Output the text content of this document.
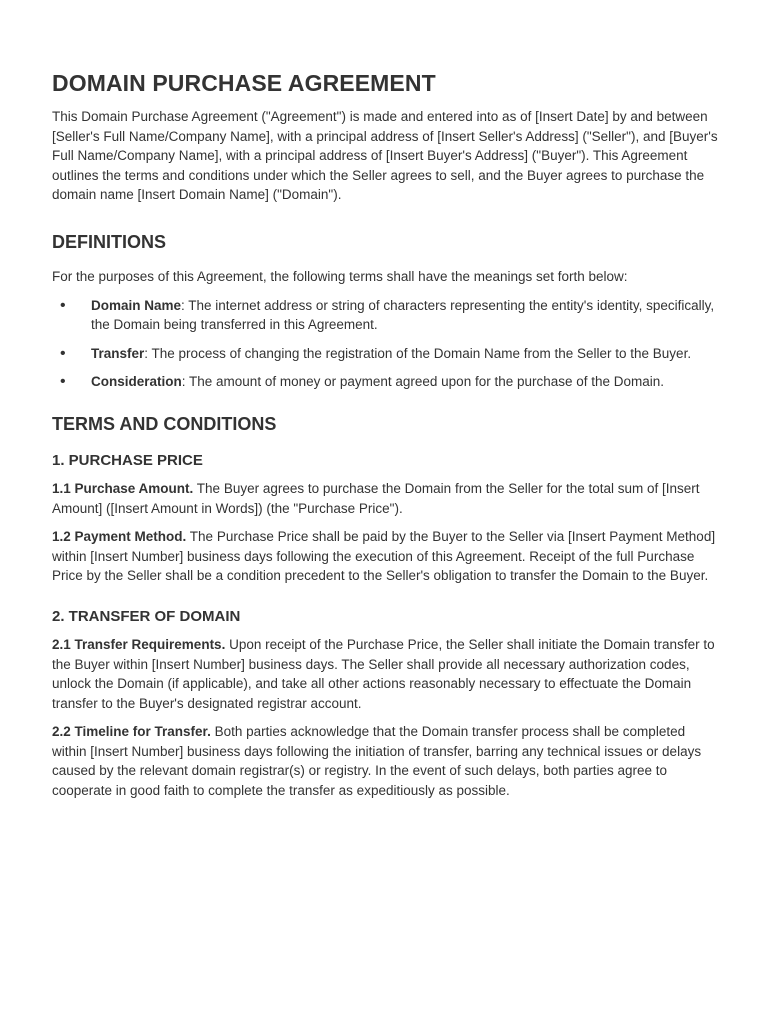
DOMAIN PURCHASE AGREEMENT

This Domain Purchase Agreement ("Agreement") is made and entered into as of [Insert Date] by and between [Seller's Full Name/Company Name], with a principal address of [Insert Seller's Address] ("Seller"), and [Buyer's Full Name/Company Name], with a principal address of [Insert Buyer's Address] ("Buyer"). This Agreement outlines the terms and conditions under which the Seller agrees to sell, and the Buyer agrees to purchase the domain name [Insert Domain Name] ("Domain").

DEFINITIONS

For the purposes of this Agreement, the following terms shall have the meanings set forth below:

• Domain Name: The internet address or string of characters representing the entity's identity, specifically, the Domain being transferred in this Agreement.
• Transfer: The process of changing the registration of the Domain Name from the Seller to the Buyer.
• Consideration: The amount of money or payment agreed upon for the purchase of the Domain.
TERMS AND CONDITIONS
1. PURCHASE PRICE

1.1 Purchase Amount. The Buyer agrees to purchase the Domain from the Seller for the total sum of [Insert Amount] ([Insert Amount in Words]) (the "Purchase Price").

1.2 Payment Method. The Purchase Price shall be paid by the Buyer to the Seller via [Insert Payment Method] within [Insert Number] business days following the execution of this Agreement. Receipt of the full Purchase Price by the Seller shall be a condition precedent to the Seller's obligation to transfer the Domain to the Buyer.

2. TRANSFER OF DOMAIN

2.1 Transfer Requirements. Upon receipt of the Purchase Price, the Seller shall initiate the Domain transfer to the Buyer within [Insert Number] business days. The Seller shall provide all necessary authorization codes, unlock the Domain (if applicable), and take all other actions reasonably necessary to effectuate the Domain transfer to the Buyer's designated registrar account.

2.2 Timeline for Transfer. Both parties acknowledge that the Domain transfer process shall be completed within [Insert Number] business days following the initiation of transfer, barring any technical issues or delays caused by the relevant domain registrar(s) or registry. In the event of such delays, both parties agree to cooperate in good faith to complete the transfer as expeditiously as possible.
